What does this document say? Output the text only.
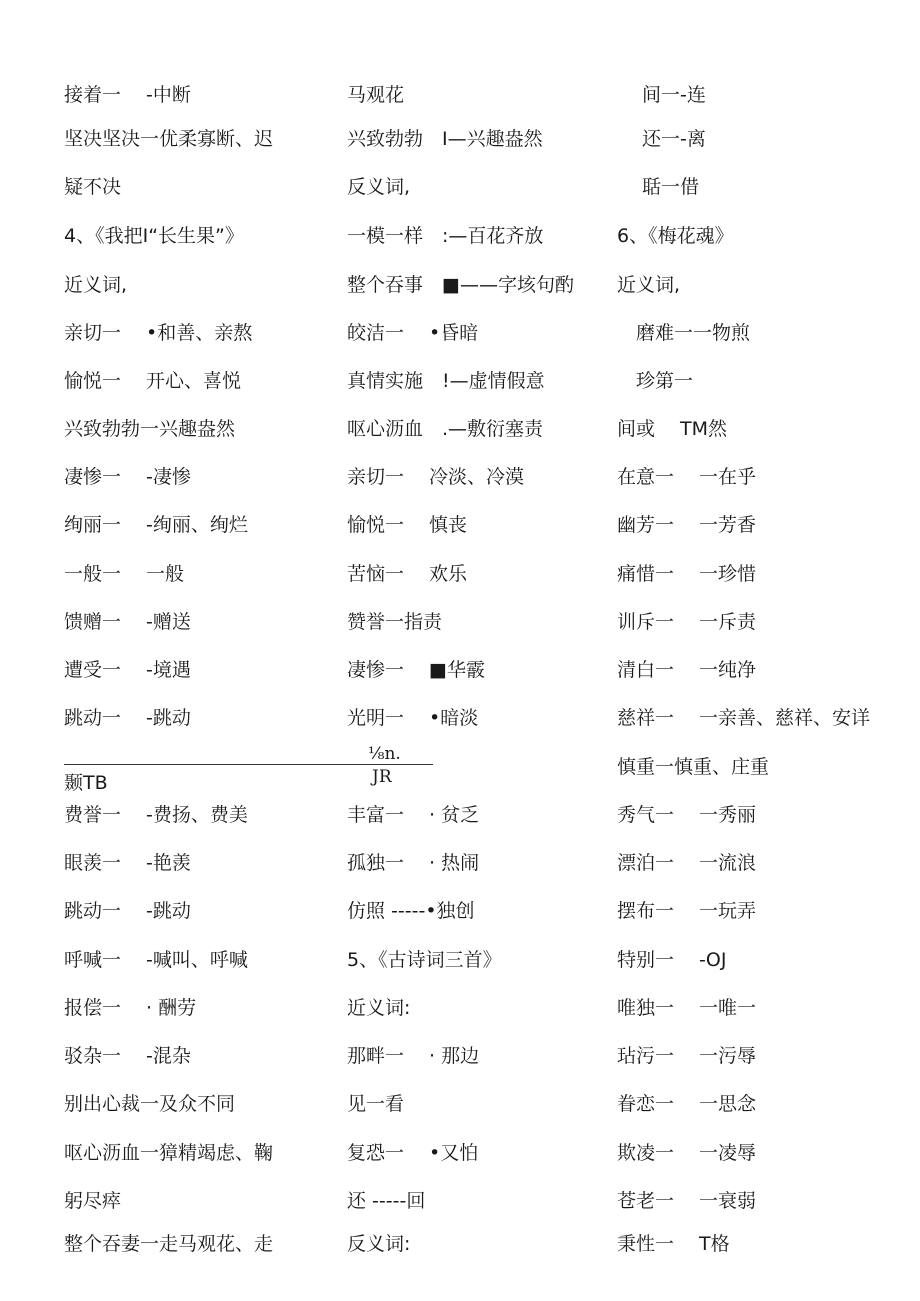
接着一　 -中断
坚决坚决一优柔寡断、迟
疑不决
4、《我把I“长生果”》
近义词,
亲切一　 •和善、亲熬
愉悦一　 开心、喜悦
兴致勃勃一兴趣盎然
凄惨一　 -凄惨
绚丽一　 -绚丽、绚烂
一般一　 一般
馈赠一　 -赠送
遭受一　 -境遇
跳动一　 -跳动
颞TB
费誉一　 -费扬、费美
眼羡一　 -艳羡
跳动一　 -跳动
呼喊一　 -喊叫、呼喊
报偿一　 · 酬劳
驳杂一　 -混杂
别出心裁一及众不同
呕心沥血一獐精竭虑、鞠
躬尽瘁
整个吞妻一走马观花、走
马观花
兴致勃勃　I—兴趣盎然
反义词,
一模一样　:—百花齐放
整个吞事　■——字垓句酌
皎洁一　 •昏暗
真情实施　!—虚情假意
呕心沥血　.—敷衍塞责
亲切一　 冷淡、冷漠
愉悦一　 慎丧
苦恼一　 欢乐
赞誉一指责
凄惨一　 ■华霰
光明一　 •暗淡
丰富一　 · 贫乏
孤独一　 · 热闹
仿照 -----•独创
5、《古诗词三首》
近义词:
那畔一　 · 那边
见一看
复恐一　 •又怕
还 -----回
反义词:
　 间一-连
　 还一-离
　 聒一借
6、《梅花魂》
近义词,
　磨难一一物煎
　珍第一
间或　 TM然
在意一　 一在乎
幽芳一　 一芳香
痛惜一　 一珍惜
训斥一　 一斥责
清白一　 一纯净
慈祥一　 一亲善、慈祥、安详
慎重一慎重、庄重
秀气一　 一秀丽
漂泊一　 一流浪
摆布一　 一玩弄
特别一　 -OJ
唯独一　 一唯一
玷污一　 一污辱
眷恋一　 一思念
欺凌一　 一凌辱
苍老一　 一衰弱
秉性一　 T格
⅛n.
JR
